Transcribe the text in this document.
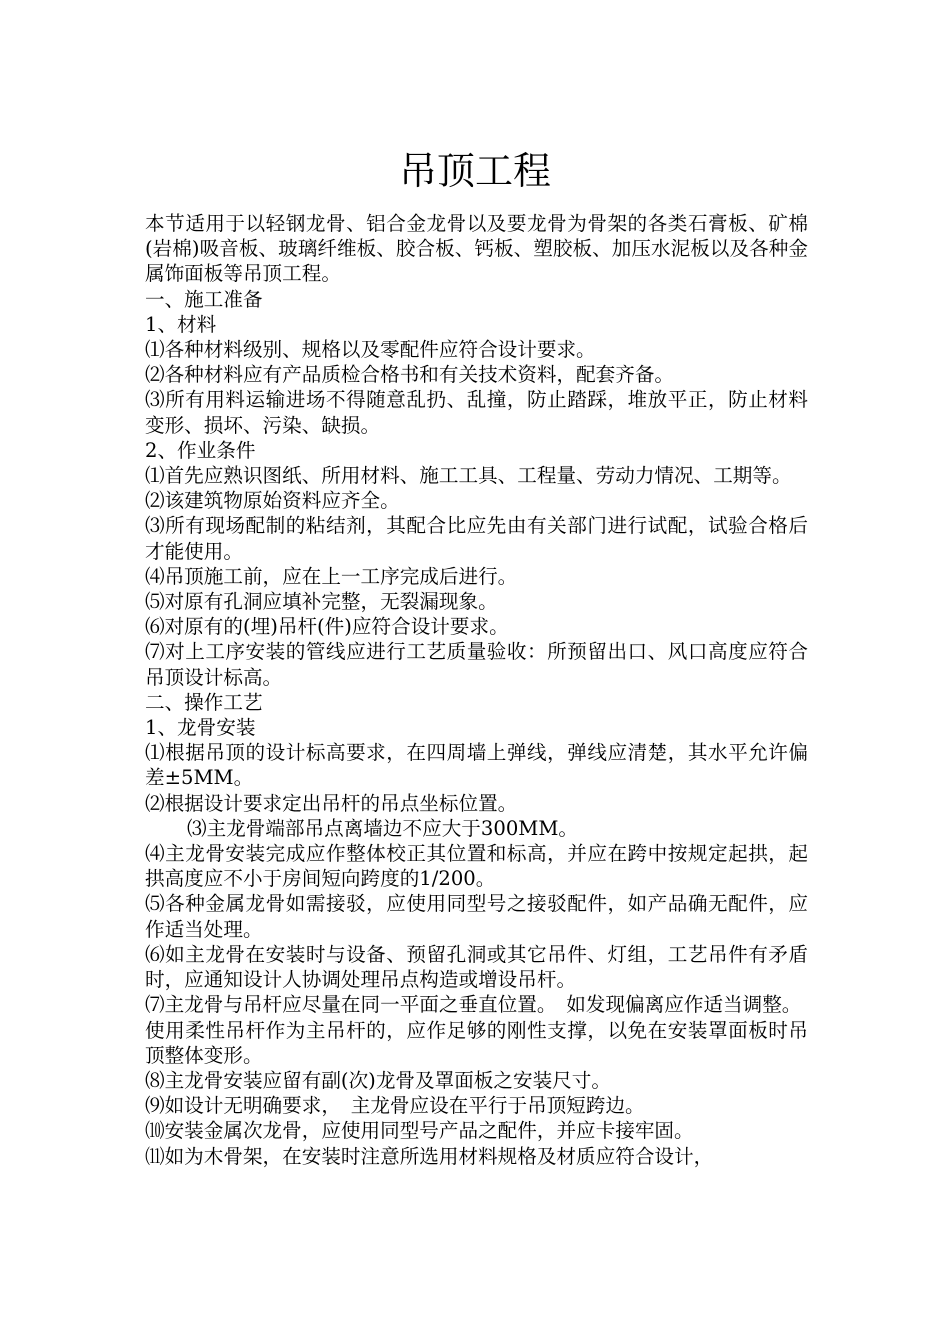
吊顶工程

本节适用于以轻钢龙骨、铝合金龙骨以及要龙骨为骨架的各类石膏板、矿棉(岩棉)吸音板、玻璃纤维板、胶合板、钙板、塑胶板、加压水泥板以及各种金属饰面板等吊顶工程。

一、施工准备

1、材料

⑴各种材料级别、规格以及零配件应符合设计要求。

⑵各种材料应有产品质检合格书和有关技术资料，配套齐备。

⑶所有用料运输进场不得随意乱扔、乱撞，防止踏踩，堆放平正，防止材料变形、损坏、污染、缺损。

2、作业条件

⑴首先应熟识图纸、所用材料、施工工具、工程量、劳动力情况、工期等。

⑵该建筑物原始资料应齐全。

⑶所有现场配制的粘结剂，其配合比应先由有关部门进行试配，试验合格后才能使用。

⑷吊顶施工前，应在上一工序完成后进行。

⑸对原有孔洞应填补完整，无裂漏现象。

⑹对原有的(埋)吊杆(件)应符合设计要求。

⑺对上工序安装的管线应进行工艺质量验收：所预留出口、风口高度应符合吊顶设计标高。

二、操作工艺

1、龙骨安装

⑴根据吊顶的设计标高要求，在四周墙上弹线，弹线应清楚，其水平允许偏差±5MM。

⑵根据设计要求定出吊杆的吊点坐标位置。

⑶主龙骨端部吊点离墙边不应大于300MM。

⑷主龙骨安装完成应作整体校正其位置和标高，并应在跨中按规定起拱，起拱高度应不小于房间短向跨度的1/200。

⑸各种金属龙骨如需接驳，应使用同型号之接驳配件，如产品确无配件，应作适当处理。

⑹如主龙骨在安装时与设备、预留孔洞或其它吊件、灯组，工艺吊件有矛盾时，应通知设计人协调处理吊点构造或增设吊杆。

⑺主龙骨与吊杆应尽量在同一平面之垂直位置。　如发现偏离应作适当调整。

使用柔性吊杆作为主吊杆的，应作足够的刚性支撑，以免在安装罩面板时吊顶整体变形。

⑻主龙骨安装应留有副(次)龙骨及罩面板之安装尺寸。

⑼如设计无明确要求，　主龙骨应设在平行于吊顶短跨边。

⑽安装金属次龙骨，应使用同型号产品之配件，并应卡接牢固。

⑾如为木骨架，在安装时注意所选用材料规格及材质应符合设计，
